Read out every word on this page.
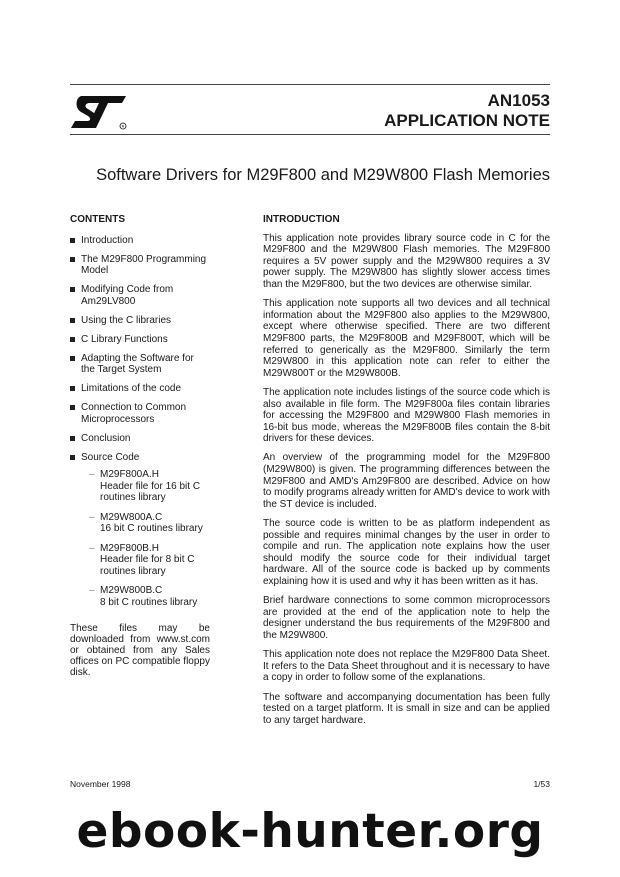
R
AN1053
APPLICATION NOTE
Software Drivers for M29F800 and M29W800 Flash Memories
CONTENTS
Introduction
The M29F800 Programming Model
Modifying Code from Am29LV800
Using the C libraries
C Library Functions
Adapting the Software for the Target System
Limitations of the code
Connection to Common Microprocessors
Conclusion
Source Code
– M29F800A.H
Header file for 16 bit C routines library
– M29W800A.C
16 bit C routines library
– M29F800B.H
Header file for 8 bit C routines library
– M29W800B.C
8 bit C routines library
These files may be downloaded from www.st.com or obtained from any Sales offices on PC compatible floppy disk.
INTRODUCTION

This application note provides library source code in C for the M29F800 and the M29W800 Flash memories. The M29F800 requires a 5V power supply and the M29W800 requires a 3V power supply. The M29W800 has slightly slower access times than the M29F800, but the two devices are otherwise similar.

This application note supports all two devices and all technical information about the M29F800 also applies to the M29W800, except where otherwise specified. There are two different M29F800 parts, the M29F800B and M29F800T, which will be referred to generically as the M29F800. Similarly the term M29W800 in this application note can refer to either the M29W800T or the M29W800B.

The application note includes listings of the source code which is also available in file form. The M29F800a files contain libraries for accessing the M29F800 and M29W800 Flash memories in 16-bit bus mode, whereas the M29F800B files contain the 8-bit drivers for these devices.

An overview of the programming model for the M29F800 (M29W800) is given. The programming differences between the M29F800 and AMD's Am29F800 are described. Advice on how to modify programs already written for AMD's device to work with the ST device is included.

The source code is written to be as platform independent as possible and requires minimal changes by the user in order to compile and run. The application note explains how the user should modify the source code for their individual target hardware. All of the source code is backed up by comments explaining how it is used and why it has been written as it has.

Brief hardware connections to some common microprocessors are provided at the end of the application note to help the designer understand the bus requirements of the M29F800 and the M29W800.

This application note does not replace the M29F800 Data Sheet. It refers to the Data Sheet throughout and it is necessary to have a copy in order to follow some of the explanations.

The software and accompanying documentation has been fully tested on a target platform. It is small in size and can be applied to any target hardware.

November 1998	1/53
ebook-hunter.org
